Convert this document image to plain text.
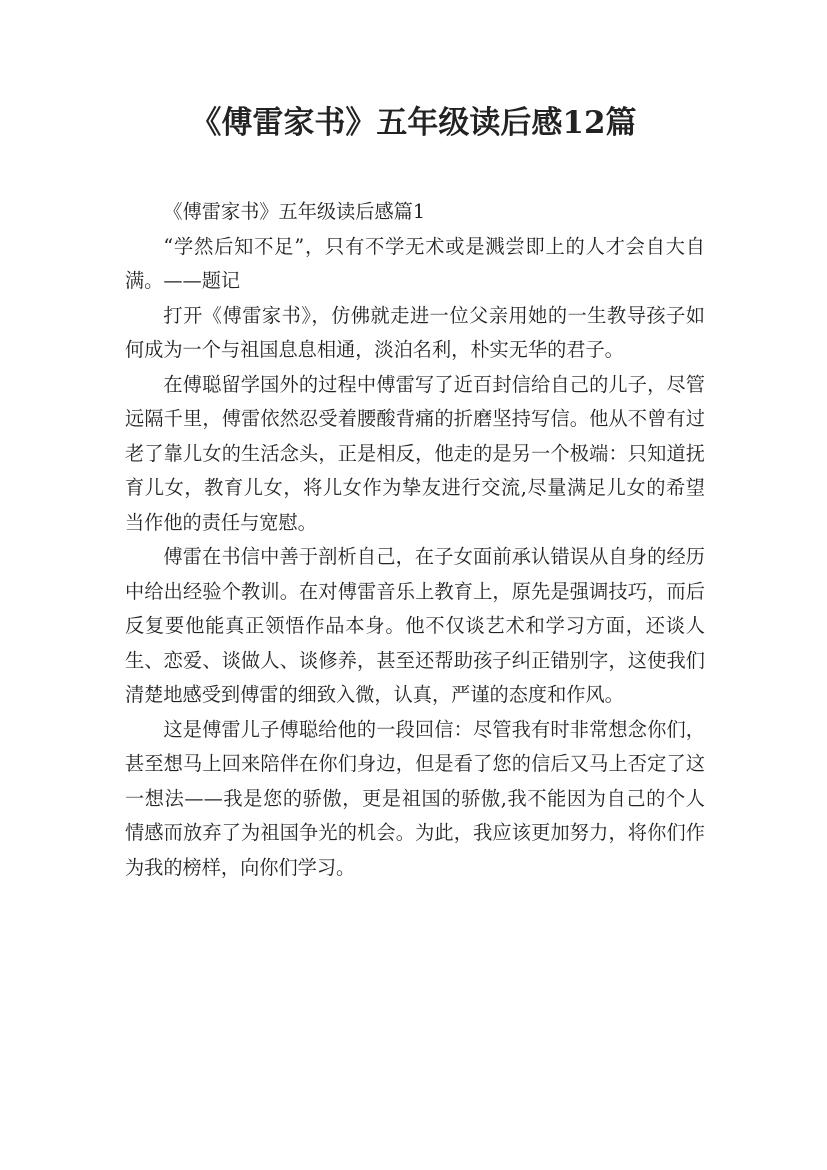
《傅雷家书》五年级读后感12篇

《傅雷家书》五年级读后感篇1

“学然后知不足”，只有不学无术或是溅尝即上的人才会自大自满。——题记

打开《傅雷家书》，仿佛就走进一位父亲用她的一生教导孩子如何成为一个与祖国息息相通，淡泊名利，朴实无华的君子。

在傅聪留学国外的过程中傅雷写了近百封信给自己的儿子，尽管远隔千里，傅雷依然忍受着腰酸背痛的折磨坚持写信。他从不曾有过老了靠儿女的生活念头，正是相反，他走的是另一个极端：只知道抚育儿女，教育儿女，将儿女作为挚友进行交流,尽量满足儿女的希望当作他的责任与宽慰。

傅雷在书信中善于剖析自己，在子女面前承认错误从自身的经历中给出经验个教训。在对傅雷音乐上教育上，原先是强调技巧，而后反复要他能真正领悟作品本身。他不仅谈艺术和学习方面，还谈人生、恋爱、谈做人、谈修养，甚至还帮助孩子纠正错别字，这使我们清楚地感受到傅雷的细致入微，认真，严谨的态度和作风。

这是傅雷儿子傅聪给他的一段回信：尽管我有时非常想念你们，甚至想马上回来陪伴在你们身边，但是看了您的信后又马上否定了这一想法——我是您的骄傲，更是祖国的骄傲,我不能因为自己的个人情感而放弃了为祖国争光的机会。为此，我应该更加努力，将你们作为我的榜样，向你们学习。
